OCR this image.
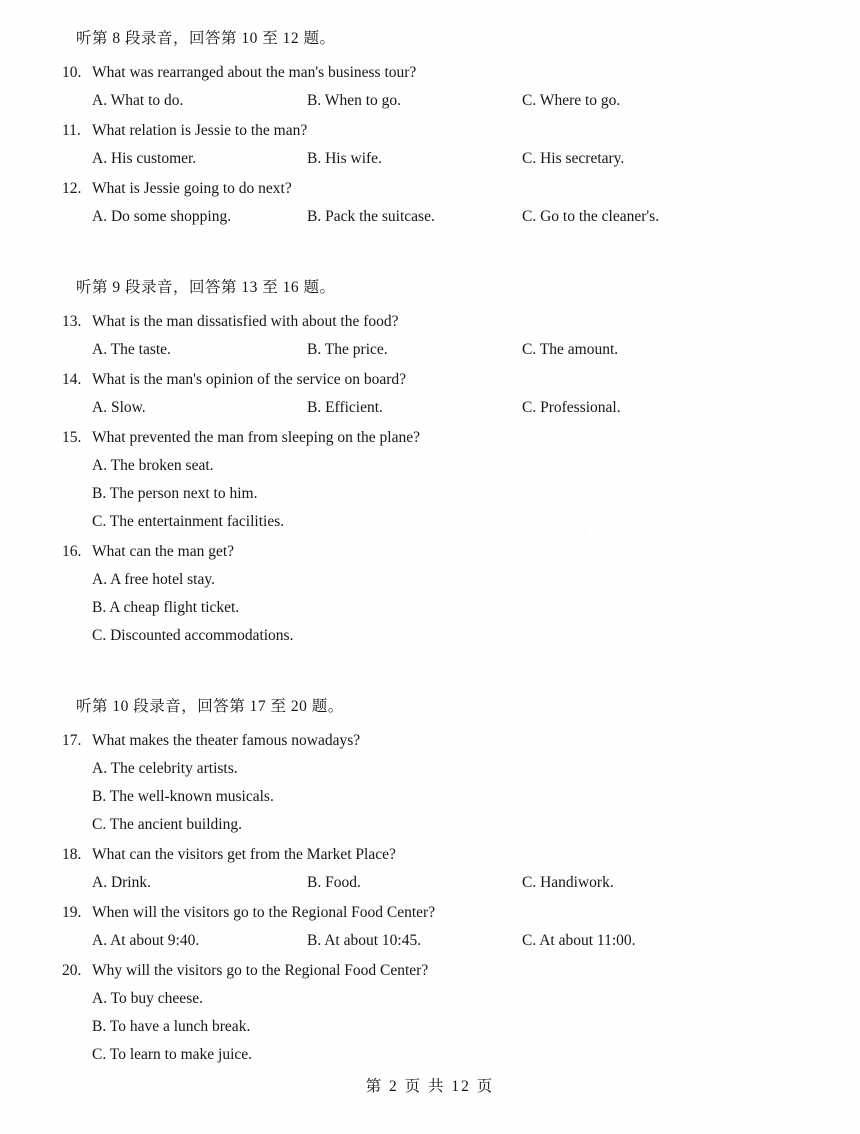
听第 8 段录音，回答第 10 至 12 题。
10. What was rearranged about the man's business tour?
A. What to do.	B. When to go.	C. Where to go.
11. What relation is Jessie to the man?
A. His customer.	B. His wife.	C. His secretary.
12. What is Jessie going to do next?
A. Do some shopping.	B. Pack the suitcase.	C. Go to the cleaner's.
听第 9 段录音，回答第 13 至 16 题。
13. What is the man dissatisfied with about the food?
A. The taste.	B. The price.	C. The amount.
14. What is the man's opinion of the service on board?
A. Slow.	B. Efficient.	C. Professional.
15. What prevented the man from sleeping on the plane?
A. The broken seat.
B. The person next to him.
C. The entertainment facilities.
16. What can the man get?
A. A free hotel stay.
B. A cheap flight ticket.
C. Discounted accommodations.
听第 10 段录音，回答第 17 至 20 题。
17. What makes the theater famous nowadays?
A. The celebrity artists.
B. The well-known musicals.
C. The ancient building.
18. What can the visitors get from the Market Place?
A. Drink.	B. Food.	C. Handiwork.
19. When will the visitors go to the Regional Food Center?
A. At about 9:40.	B. At about 10:45.	C. At about 11:00.
20. Why will the visitors go to the Regional Food Center?
A. To buy cheese.
B. To have a lunch break.
C. To learn to make juice.
第 2 页 共 12 页
